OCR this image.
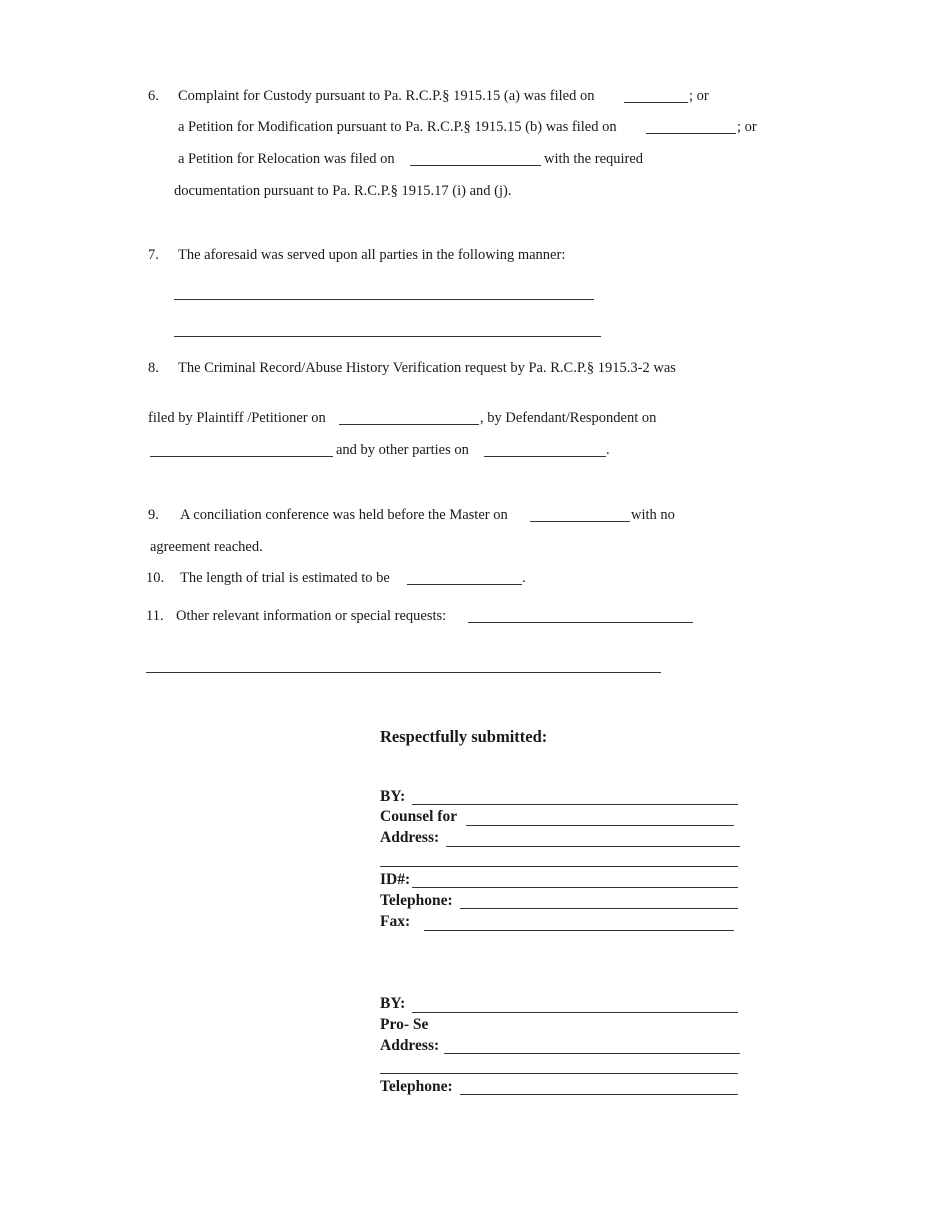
6. Complaint for Custody pursuant to Pa. R.C.P.§ 1915.15 (a) was filed on	; or
a Petition for Modification pursuant to Pa. R.C.P.§ 1915.15 (b) was filed on	; or
a Petition for Relocation was filed on	with the required
documentation pursuant to Pa. R.C.P.§ 1915.17 (i) and (j).
7. The aforesaid was served upon all parties in the following manner:
8. The Criminal Record/Abuse History Verification request by Pa. R.C.P.§ 1915.3-2 was
filed by Plaintiff /Petitioner on	, by Defendant/Respondent on
and by other parties on	.
9. A conciliation conference was held before the Master on	with no
agreement reached.
10. The length of trial is estimated to be	.
11. Other relevant information or special requests:
Respectfully submitted:
BY:
Counsel for
Address:
ID#:
Telephone:
Fax:
BY:
Pro- Se
Address:
Telephone:
